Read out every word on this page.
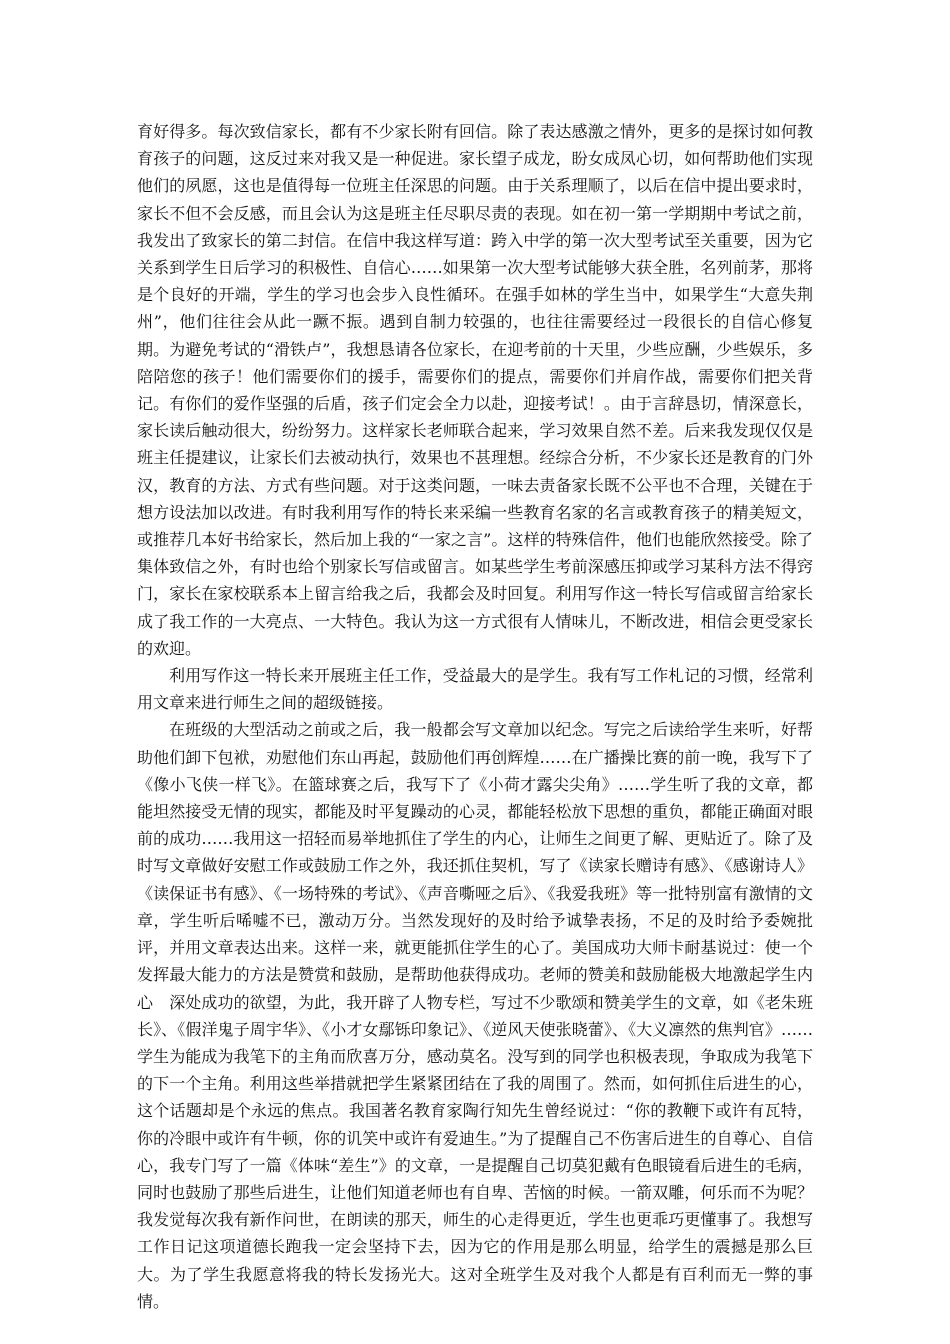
育好得多。每次致信家长，都有不少家长附有回信。除了表达感激之情外，更多的是探讨如何教育孩子的问题，这反过来对我又是一种促进。家长望子成龙，盼女成凤心切，如何帮助他们实现他们的夙愿，这也是值得每一位班主任深思的问题。由于关系理顺了，以后在信中提出要求时，家长不但不会反感，而且会认为这是班主任尽职尽责的表现。如在初一第一学期期中考试之前，我发出了致家长的第二封信。在信中我这样写道：跨入中学的第一次大型考试至关重要，因为它关系到学生日后学习的积极性、自信心……如果第一次大型考试能够大获全胜，名列前茅，那将是个良好的开端，学生的学习也会步入良性循环。在强手如林的学生当中，如果学生“大意失荆州”，他们往往会从此一蹶不振。遇到自制力较强的，也往往需要经过一段很长的自信心修复期。为避免考试的“滑铁卢”，我想恳请各位家长，在迎考前的十天里，少些应酬，少些娱乐，多陪陪您的孩子！他们需要你们的援手，需要你们的提点，需要你们并肩作战，需要你们把关背记。有你们的爱作坚强的后盾，孩子们定会全力以赴，迎接考试！。由于言辞恳切，情深意长，家长读后触动很大，纷纷努力。这样家长老师联合起来，学习效果自然不差。后来我发现仅仅是班主任提建议，让家长们去被动执行，效果也不甚理想。经综合分析，不少家长还是教育的门外汉，教育的方法、方式有些问题。对于这类问题，一味去责备家长既不公平也不合理，关键在于想方设法加以改进。有时我利用写作的特长来采编一些教育名家的名言或教育孩子的精美短文，或推荐几本好书给家长，然后加上我的“一家之言”。这样的特殊信件，他们也能欣然接受。除了集体致信之外，有时也给个别家长写信或留言。如某些学生考前深感压抑或学习某科方法不得窍门，家长在家校联系本上留言给我之后，我都会及时回复。利用写作这一特长写信或留言给家长成了我工作的一大亮点、一大特色。我认为这一方式很有人情味儿，不断改进，相信会更受家长的欢迎。

利用写作这一特长来开展班主任工作，受益最大的是学生。我有写工作札记的习惯，经常利用文章来进行师生之间的超级链接。

在班级的大型活动之前或之后，我一般都会写文章加以纪念。写完之后读给学生来听，好帮助他们卸下包袱，劝慰他们东山再起，鼓励他们再创辉煌……在广播操比赛的前一晚，我写下了《像小飞侠一样飞》。在篮球赛之后，我写下了《小荷才露尖尖角》……学生听了我的文章，都能坦然接受无情的现实，都能及时平复躁动的心灵，都能轻松放下思想的重负，都能正确面对眼前的成功……我用这一招轻而易举地抓住了学生的内心，让师生之间更了解、更贴近了。除了及时写文章做好安慰工作或鼓励工作之外，我还抓住契机，写了《读家长赠诗有感》、《感谢诗人》《读保证书有感》、《一场特殊的考试》、《声音嘶哑之后》、《我爱我班》等一批特别富有激情的文章，学生听后唏嘘不已，激动万分。当然发现好的及时给予诚挚表扬，不足的及时给予委婉批评，并用文章表达出来。这样一来，就更能抓住学生的心了。美国成功大师卡耐基说过：使一个发挥最大能力的方法是赞赏和鼓励，是帮助他获得成功。老师的赞美和鼓励能极大地激起学生内心　深处成功的欲望，为此，我开辟了人物专栏，写过不少歌颂和赞美学生的文章，如《老朱班长》、《假洋鬼子周宇华》、《小才女鄢铄印象记》、《逆风天使张晓蕾》、《大义凛然的焦判官》……学生为能成为我笔下的主角而欣喜万分，感动莫名。没写到的同学也积极表现，争取成为我笔下的下一个主角。利用这些举措就把学生紧紧团结在了我的周围了。然而，如何抓住后进生的心，这个话题却是个永远的焦点。我国著名教育家陶行知先生曾经说过：“你的教鞭下或许有瓦特，你的冷眼中或许有牛顿，你的讥笑中或许有爱迪生。”为了提醒自己不伤害后进生的自尊心、自信心，我专门写了一篇《体味“差生”》的文章，一是提醒自己切莫犯戴有色眼镜看后进生的毛病，同时也鼓励了那些后进生，让他们知道老师也有自卑、苦恼的时候。一箭双雕，何乐而不为呢？我发觉每次我有新作问世，在朗读的那天，师生的心走得更近，学生也更乖巧更懂事了。我想写工作日记这项道德长跑我一定会坚持下去，因为它的作用是那么明显，给学生的震撼是那么巨大。为了学生我愿意将我的特长发扬光大。这对全班学生及对我个人都是有百利而无一弊的事情。
